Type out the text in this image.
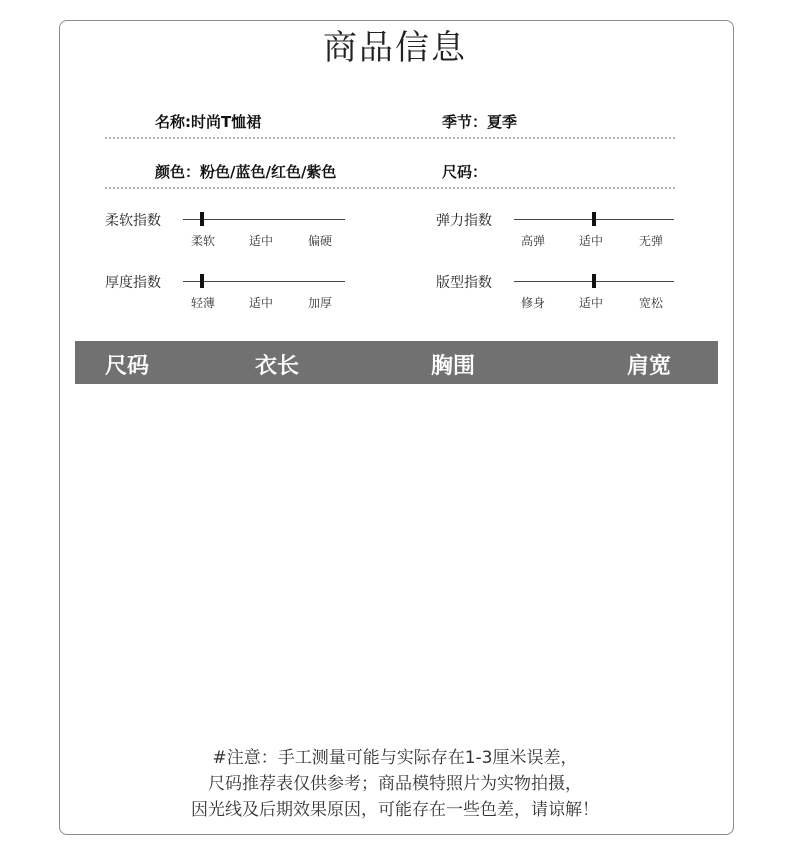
商品信息
名称:时尚T恤裙	季节：夏季
颜色：粉色/蓝色/红色/紫色	尺码：
柔软指数
柔软	适中	偏硬
弹力指数
高弹	适中	无弹
厚度指数
轻薄	适中	加厚
版型指数
修身	适中	宽松
尺码	衣长	胸围	肩宽
#注意：手工测量可能与实际存在1-3厘米误差，
尺码推荐表仅供参考；商品模特照片为实物拍摄，
因光线及后期效果原因，可能存在一些色差，请谅解！
